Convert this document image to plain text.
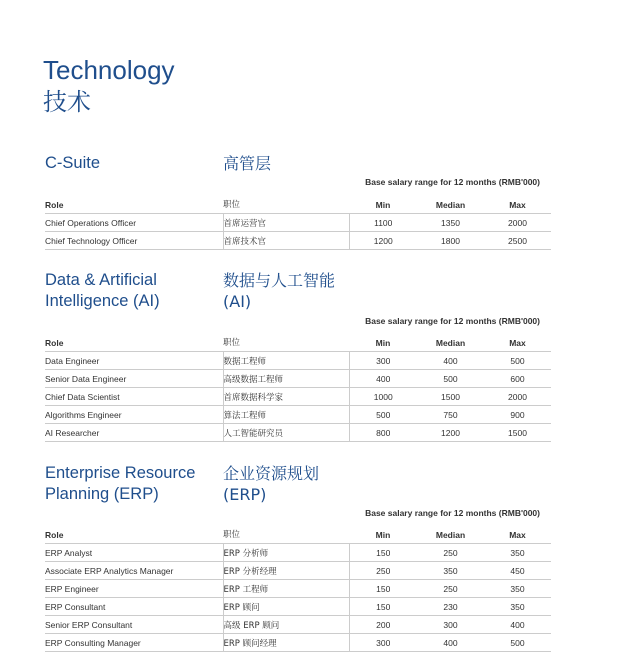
Technology
技术
C-Suite	高管层
Base salary range for 12 months (RMB'000)
Role	职位	Min	Median	Max
Chief Operations Officer	首席运营官	1100	1350	2000
Chief Technology Officer	首席技术官	1200	1800	2500
Data & Artificial
Intelligence (AI)
数据与人工智能
(AI)
Base salary range for 12 months (RMB'000)
Role	职位	Min	Median	Max
Data Engineer	数据工程师	300	400	500
Senior Data Engineer	高级数据工程师	400	500	600
Chief Data Scientist	首席数据科学家	1000	1500	2000
Algorithms Engineer	算法工程师	500	750	900
AI Researcher	人工智能研究员	800	1200	1500
Enterprise Resource
Planning (ERP)
企业资源规划
(ERP)
Base salary range for 12 months (RMB'000)
Role	职位	Min	Median	Max
ERP Analyst	ERP 分析师	150	250	350
Associate ERP Analytics Manager	ERP 分析经理	250	350	450
ERP Engineer	ERP 工程师	150	250	350
ERP Consultant	ERP 顾问	150	230	350
Senior ERP Consultant	高级 ERP 顾问	200	300	400
ERP Consulting Manager	ERP 顾问经理	300	400	500
